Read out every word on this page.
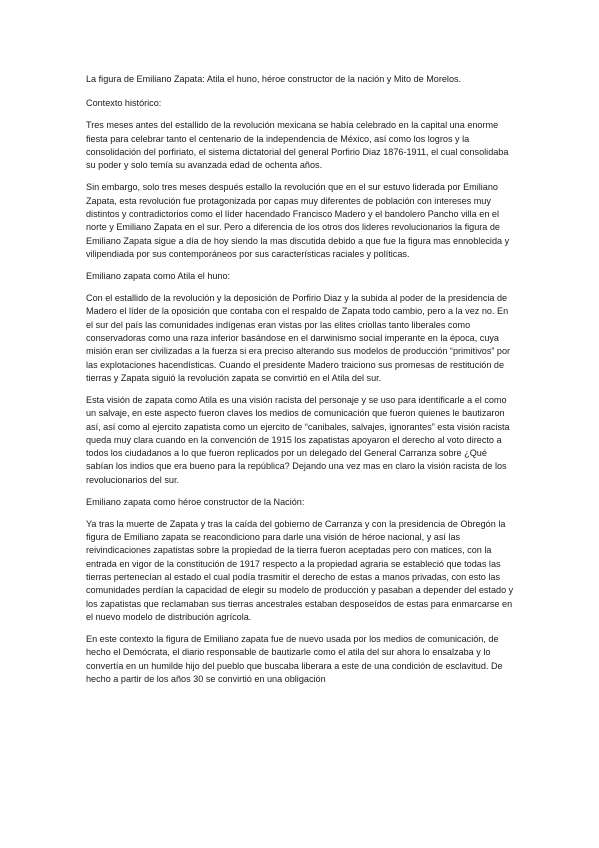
La figura de Emiliano Zapata: Atila el huno, héroe constructor de la nación y Mito de Morelos.

Contexto histórico:

Tres meses antes del estallido de la revolución mexicana se había celebrado en la capital una enorme fiesta para celebrar tanto el centenario de la independencia de México, así como los logros y la consolidación del porfiriato, el sistema dictatorial del general Porfirio Diaz 1876-1911, el cual consolidaba su poder y solo temía su avanzada edad de ochenta años.

Sin embargo, solo tres meses después estallo la revolución que en el sur estuvo liderada por Emiliano Zapata, esta revolución fue protagonizada por capas muy diferentes de población con intereses muy distintos y contradictorios como el líder hacendado Francisco Madero y el bandolero Pancho villa en el norte y Emiliano Zapata en el sur. Pero a diferencia de los otros dos lideres revolucionarios la figura de Emiliano Zapata sigue a día de hoy siendo la mas discutida debido a que fue la figura mas ennoblecida y vilipendiada por sus contemporáneos por sus características raciales y políticas.

Emiliano zapata como Atila el huno:

Con el estallido de la revolución y la deposición de Porfirio Diaz y la subida al poder de la presidencia de Madero el líder de la oposición que contaba con el respaldo de Zapata todo cambio, pero a la vez no. En el sur del país las comunidades indígenas eran vistas por las elites criollas tanto liberales como conservadoras como una raza inferior basándose en el darwinismo social imperante en la época, cuya misión eran ser civilizadas a la fuerza si era preciso alterando sus modelos de producción “primitivos” por las explotaciones hacendísticas. Cuando el presidente Madero traiciono sus promesas de restitución de tierras y Zapata siguió la revolución zapata se convirtió en el Atila del sur.

Esta visión de zapata como Atila es una visión racista del personaje y se uso para identificarle a el como un salvaje, en este aspecto fueron claves los medios de comunicación que fueron quienes le bautizaron así, así como al ejercito zapatista como un ejercito de “canibales, salvajes, ignorantes” esta visión racista queda muy clara cuando en la convención de 1915 los zapatistas apoyaron el derecho al voto directo a todos los ciudadanos a lo que fueron replicados por un delegado del General Carranza sobre ¿Qué sabían los indios que era bueno para la república? Dejando una vez mas en claro la visión racista de los revolucionarios del sur.

Emiliano zapata como héroe constructor de la Nación:

Ya tras la muerte de Zapata y tras la caída del gobierno de Carranza y con la presidencia de Obregón la figura de Emiliano zapata se reacondiciono para darle una visión de héroe nacional, y así las reivindicaciones zapatistas sobre la propiedad de la tierra fueron aceptadas pero con matices, con la entrada en vigor de la constitución de 1917 respecto a la propiedad agraria se estableció que todas las tierras pertenecían al estado el cual podía trasmitir el derecho de estas a manos privadas, con esto las comunidades perdían la capacidad de elegir su modelo de producción y pasaban a depender del estado y los zapatistas que reclamaban sus tierras ancestrales estaban desposeídos de estas para enmarcarse en el nuevo modelo de distribución agrícola.

En este contexto la figura de Emiliano zapata fue de nuevo usada por los medios de comunicación, de hecho el Demócrata, el diario responsable de bautizarle como el atila del sur ahora lo ensalzaba y lo convertía en un humilde hijo del pueblo que buscaba liberara a este de una condición de esclavitud. De hecho a partir de los años 30 se convirtió en una obligación
